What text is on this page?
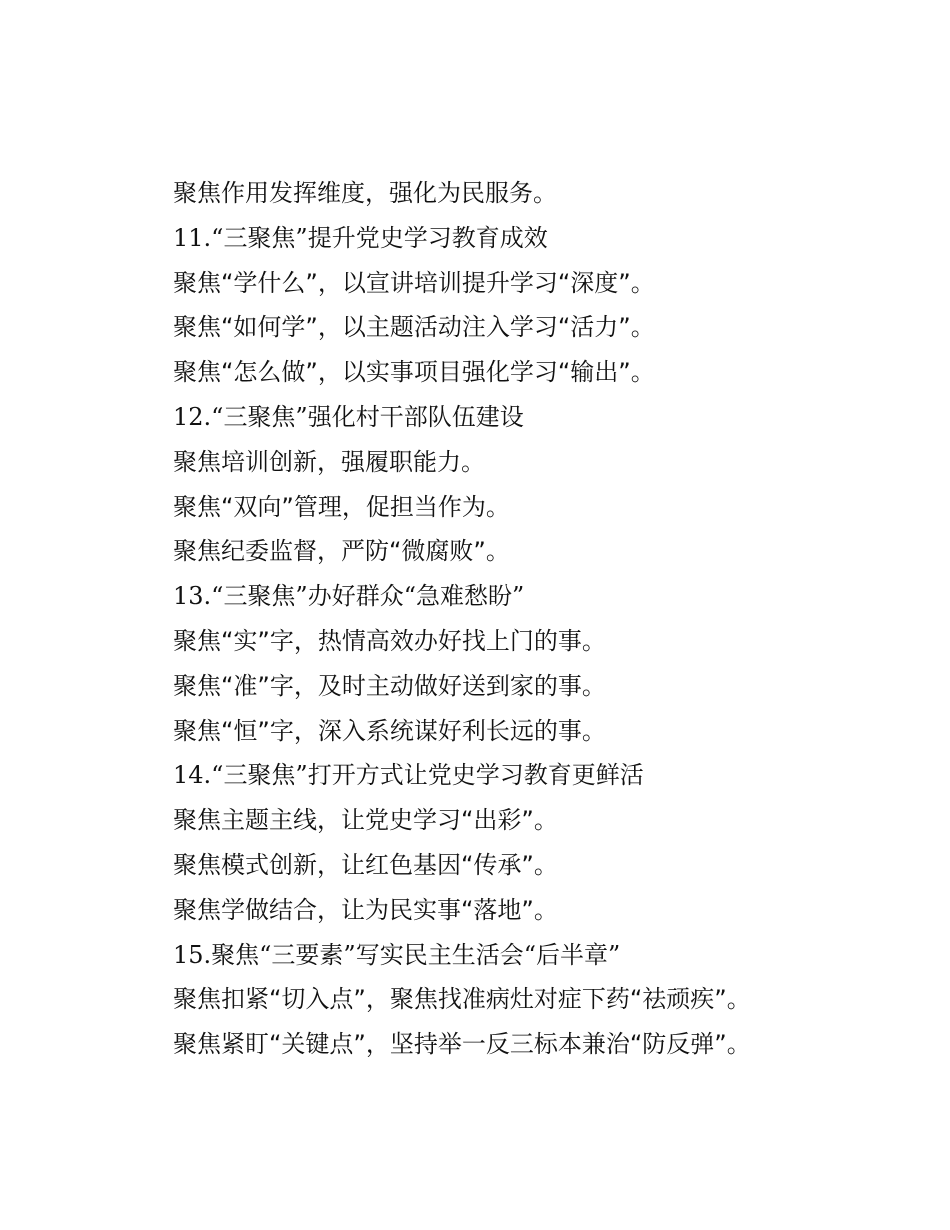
聚焦作用发挥维度，强化为民服务。
11.“三聚焦”提升党史学习教育成效
聚焦“学什么”，以宣讲培训提升学习“深度”。
聚焦“如何学”，以主题活动注入学习“活力”。
聚焦“怎么做”，以实事项目强化学习“输出”。
12.“三聚焦”强化村干部队伍建设
聚焦培训创新，强履职能力。
聚焦“双向”管理，促担当作为。
聚焦纪委监督，严防“微腐败”。
13.“三聚焦”办好群众“急难愁盼”
聚焦“实”字，热情高效办好找上门的事。
聚焦“准”字，及时主动做好送到家的事。
聚焦“恒”字，深入系统谋好利长远的事。
14.“三聚焦”打开方式让党史学习教育更鲜活
聚焦主题主线，让党史学习“出彩”。
聚焦模式创新，让红色基因“传承”。
聚焦学做结合，让为民实事“落地”。
15.聚焦“三要素”写实民主生活会“后半章”
聚焦扣紧“切入点”，聚焦找准病灶对症下药“祛顽疾”。
聚焦紧盯“关键点”，坚持举一反三标本兼治“防反弹”。
